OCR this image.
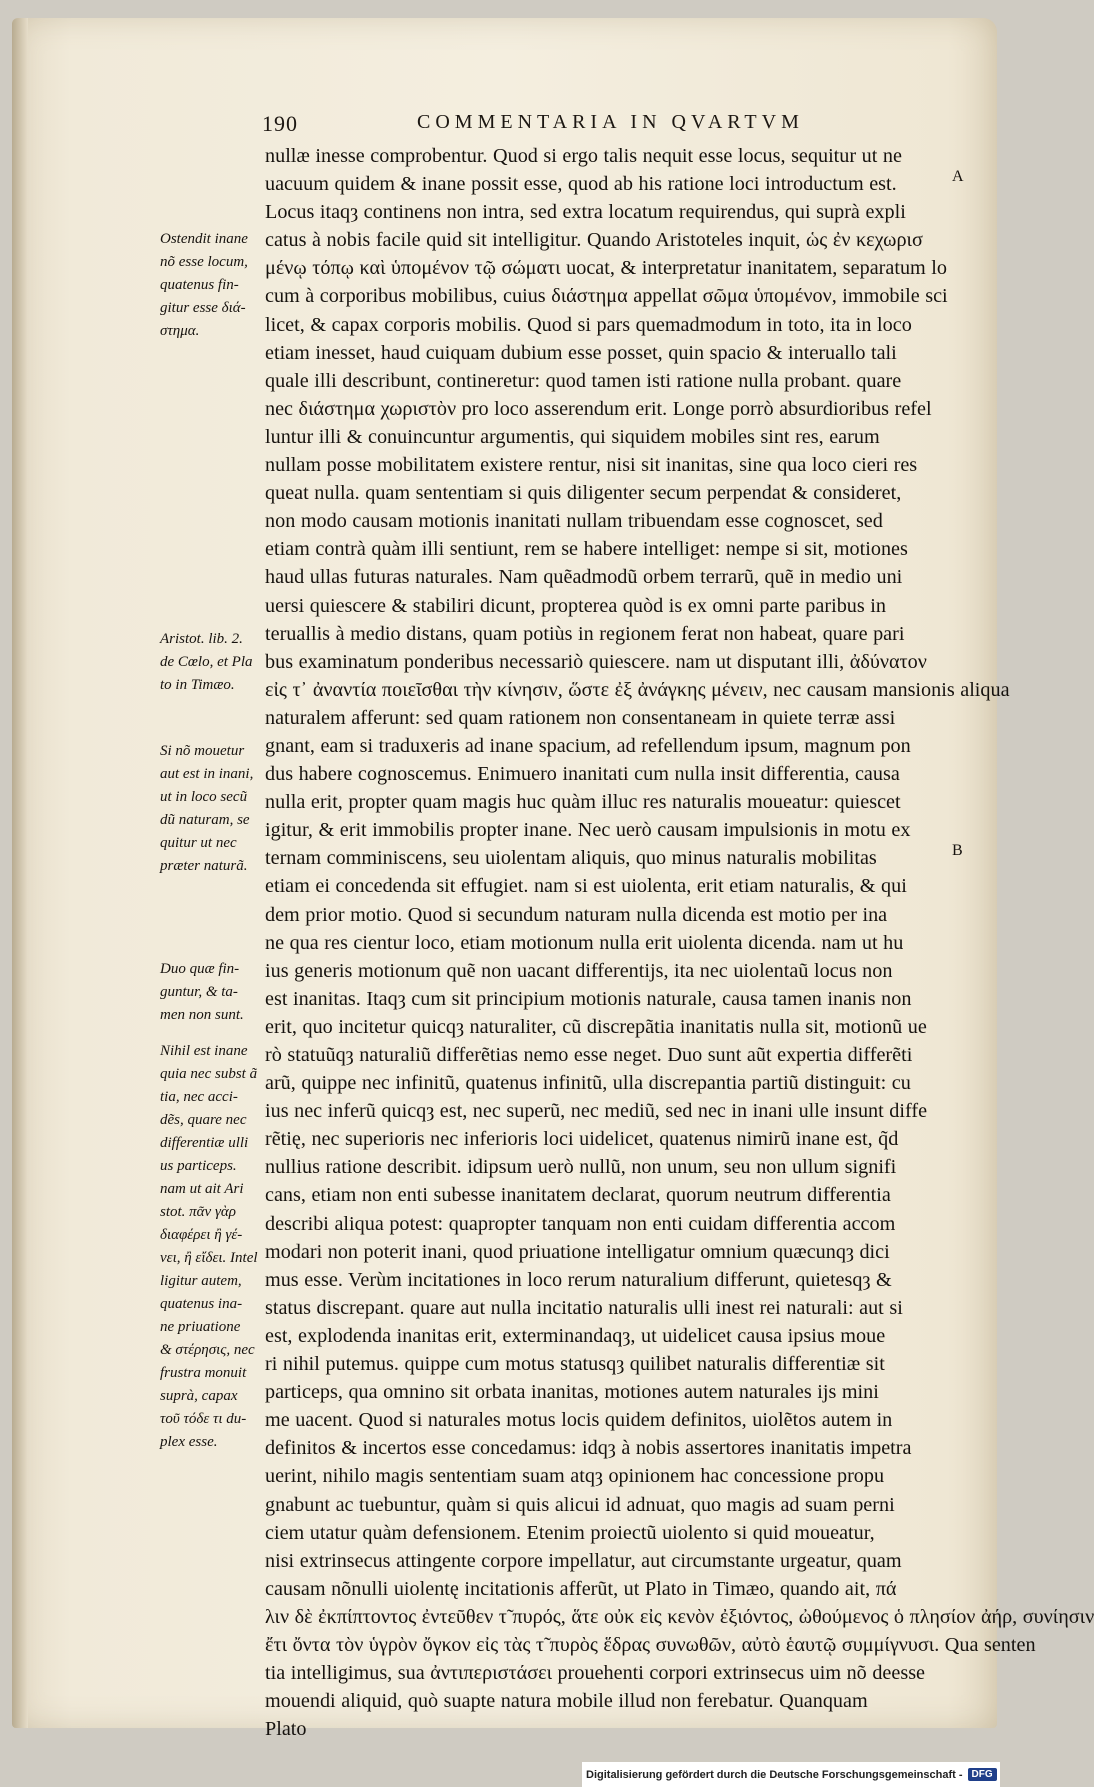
190	COMMENTARIA IN QVARTVM
nullæ inesse comprobentur. Quod si ergo talis nequit esse locus, sequitur ut ne
uacuum quidem & inane possit esse, quod ab his ratione loci introductum est.
Locus itaqȝ continens non intra, sed extra locatum requirendus, qui suprà expli
catus à nobis facile quid sit intelligitur. Quando Aristoteles inquit, ὡς ἐν κεχωρισ
μένῳ τόπῳ καὶ ὑπομένον τῷ σώματι uocat, & interpretatur inanitatem, separatum lo
cum à corporibus mobilibus, cuius διάστημα appellat σῶμα ὑπομένον, immobile sci
licet, & capax corporis mobilis. Quod si pars quemadmodum in toto, ita in loco
etiam inesset, haud cuiquam dubium esse posset, quin spacio & interuallo tali
quale illi describunt, contineretur: quod tamen isti ratione nulla probant. quare
nec διάστημα χωριστὸν pro loco asserendum erit. Longe porrò absurdioribus refel
luntur illi & conuincuntur argumentis, qui siquidem mobiles sint res, earum
nullam posse mobilitatem existere rentur, nisi sit inanitas, sine qua loco cieri res
queat nulla. quam sententiam si quis diligenter secum perpendat & consideret,
non modo causam motionis inanitati nullam tribuendam esse cognoscet, sed
etiam contrà quàm illi sentiunt, rem se habere intelliget: nempe si sit, motiones
haud ullas futuras naturales. Nam quẽadmodũ orbem terrarũ, quẽ in medio uni
uersi quiescere & stabiliri dicunt, propterea quòd is ex omni parte paribus in
teruallis à medio distans, quam potiùs in regionem ferat non habeat, quare pari
bus examinatum ponderibus necessariò quiescere. nam ut disputant illi, ἀδύνατον
εἰς τ᾽ ἀναντία ποιεῖσθαι τὴν κίνησιν, ὥστε ἐξ ἀνάγκης μένειν, nec causam mansionis aliqua
naturalem afferunt: sed quam rationem non consentaneam in quiete terræ assi
gnant, eam si traduxeris ad inane spacium, ad refellendum ipsum, magnum pon
dus habere cognoscemus. Enimuero inanitati cum nulla insit differentia, causa
nulla erit, propter quam magis huc quàm illuc res naturalis moueatur: quiescet
igitur, & erit immobilis propter inane. Nec uerò causam impulsionis in motu ex
ternam comminiscens, seu uiolentam aliquis, quo minus naturalis mobilitas
etiam ei concedenda sit effugiet. nam si est uiolenta, erit etiam naturalis, & qui
dem prior motio. Quod si secundum naturam nulla dicenda est motio per ina
ne qua res cientur loco, etiam motionum nulla erit uiolenta dicenda. nam ut hu
ius generis motionum quẽ non uacant differentijs, ita nec uiolentaũ locus non
est inanitas. Itaqȝ cum sit principium motionis naturale, causa tamen inanis non
erit, quo incitetur quicqȝ naturaliter, cũ discrepãtia inanitatis nulla sit, motionũ ue
rò statuũqȝ naturaliũ differẽtias nemo esse neget. Duo sunt aũt expertia differẽti
arũ, quippe nec infinitũ, quatenus infinitũ, ulla discrepantia partiũ distinguit: cu
ius nec inferũ quicqȝ est, nec superũ, nec mediũ, sed nec in inani ulle insunt diffe
rẽtię, nec superioris nec inferioris loci uidelicet, quatenus nimirũ inane est, q̃d
nullius ratione describit. idipsum uerò nullũ, non unum, seu non ullum signifi
cans, etiam non enti subesse inanitatem declarat, quorum neutrum differentia
describi aliqua potest: quapropter tanquam non enti cuidam differentia accom
modari non poterit inani, quod priuatione intelligatur omnium quæcunqȝ dici
mus esse. Verùm incitationes in loco rerum naturalium differunt, quietesqȝ &
status discrepant. quare aut nulla incitatio naturalis ulli inest rei naturali: aut si
est, explodenda inanitas erit, exterminandaqȝ, ut uidelicet causa ipsius moue
ri nihil putemus. quippe cum motus statusqȝ quilibet naturalis differentiæ sit
particeps, qua omnino sit orbata inanitas, motiones autem naturales ijs mini
me uacent. Quod si naturales motus locis quidem definitos, uiolẽtos autem in
definitos & incertos esse concedamus: idqȝ à nobis assertores inanitatis impetra
uerint, nihilo magis sententiam suam atqȝ opinionem hac concessione propu
gnabunt ac tuebuntur, quàm si quis alicui id adnuat, quo magis ad suam perni
ciem utatur quàm defensionem. Etenim proiectũ uiolento si quid moueatur,
nisi extrinsecus attingente corpore impellatur, aut circumstante urgeatur, quam
causam nõnulli uiolentę incitationis afferũt, ut Plato in Timæo, quando ait, πά
λιν δὲ ἐκπίπτοντος ἐντεῦθεν τ̃ πυρός, ἅτε οὐκ εἰς κενὸν ἐξιόντος, ὠθούμενος ὁ πλησίον ἀήρ, συνίησιν
ἔτι ὄντα τὸν ὑγρὸν ὄγκον εἰς τὰς τ̃ πυρὸς ἕδρας συνωθῶν, αὐτὸ ἑαυτῷ συμμίγνυσι. Qua senten
tia intelligimus, sua ἀντιπεριστάσει prouehenti corpori extrinsecus uim nõ deesse
mouendi aliquid, quò suapte natura mobile illud non ferebatur. Quanquam
Plato
Ostendit inane
nõ esse locum,
quatenus fin-
gitur esse διά-
στημα.
Aristot. lib. 2.
de Cœlo, et Pla
to in Timæo.
Si nõ mouetur
aut est in inani,
ut in loco secũ
dũ naturam, se
quitur ut nec
præter naturã.
Duo quæ fin-
guntur, & ta-
men non sunt.
Nihil est inane
quia nec subst ã
tia, nec acci-
dẽs, quare nec
differentiæ ulli
us particeps.
nam ut ait Ari
stot. πᾶν γὰρ
διαφέρει ἢ γέ-
νει, ἢ εἴδει. Intel
ligitur autem,
quatenus ina-
ne priuatione
& στέρησις, nec
frustra monuit
suprà, capax
τοῦ τόδε τι du-
plex esse.
A
B
Digitalisierung gefördert durch die Deutsche Forschungsgemeinschaft - DFG
